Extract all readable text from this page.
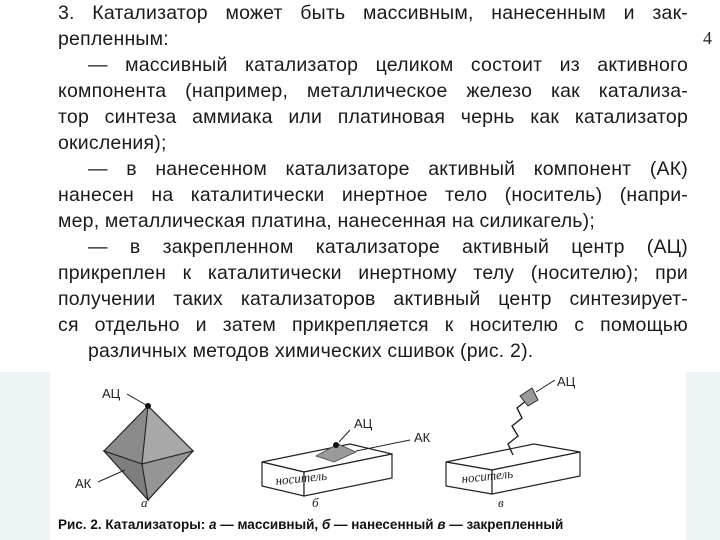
4
3. Катализатор может быть массивным, нанесенным и зак-
репленным:
— массивный катализатор целиком состоит из активного
компонента (например, металлическое железо как катализа-
тор синтеза аммиака или платиновая чернь как катализатор
окисления);
— в нанесенном катализаторе активный компонент (АК)
нанесен на каталитически инертное тело (носитель) (напри-
мер, металлическая платина, нанесенная на силикагель);
— в закрепленном катализаторе активный центр (АЦ)
прикреплен к каталитически инертному телу (носителю); при
получении таких катализаторов активный центр синтезирует-
ся отдельно и затем прикрепляется к носителю с помощью
различных методов химических сшивок (рис. 2).
АЦ
АК
а
носитель
АЦ
АК
б
носитель
АЦ
в
Рис. 2. Катализаторы: а — массивный, б — нанесенный в — закрепленный
